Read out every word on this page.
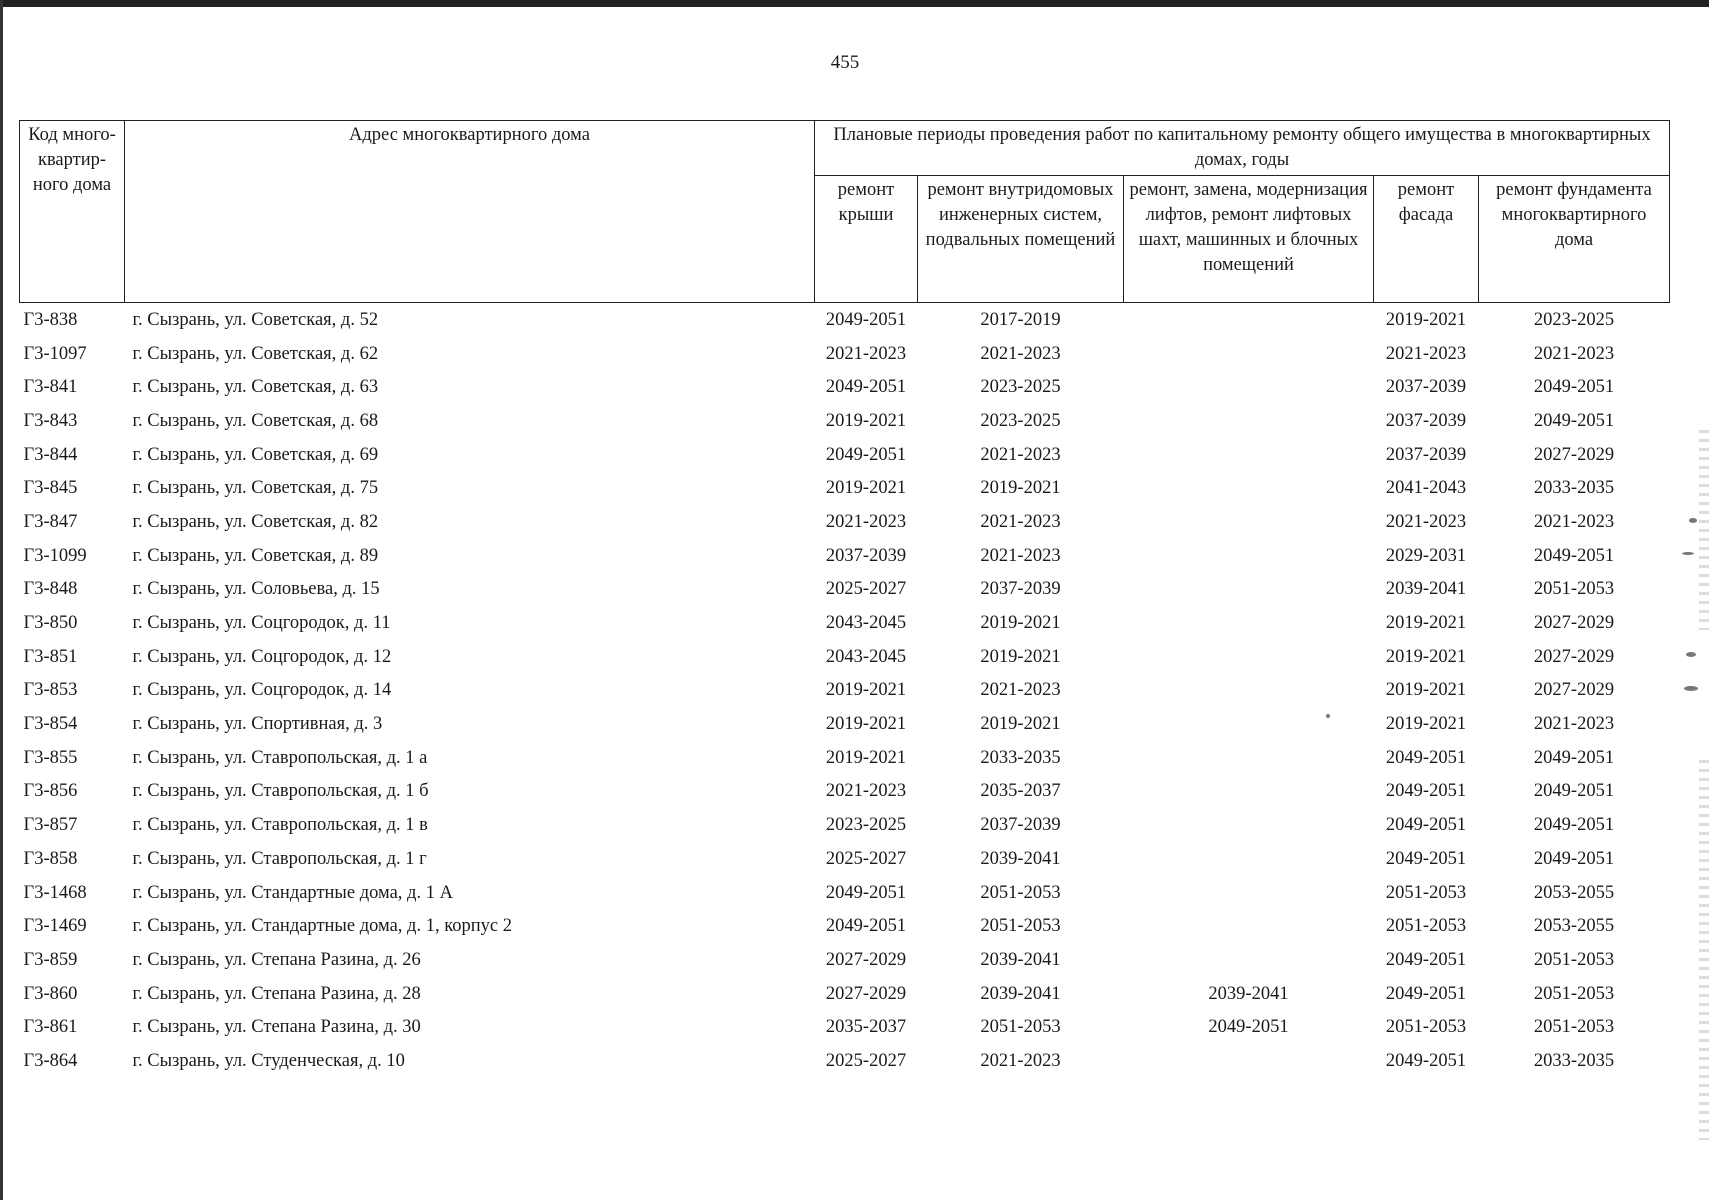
455
Код много-квартир-ного дома	Адрес многоквартирного дома	Плановые периоды проведения работ по капитальному ремонту общего имущества в многоквартирных домах, годы				
		ремонт крыши	ремонт внутридомовых инженерных систем, подвальных помещений	ремонт, замена, модернизация лифтов, ремонт лифтовых шахт, машинных и блочных помещений	ремонт фасада	ремонт фундамента многоквартирного дома
Г3-838	г. Сызрань, ул. Советская, д. 52	2049-2051	2017-2019		2019-2021	2023-2025
Г3-1097	г. Сызрань, ул. Советская, д. 62	2021-2023	2021-2023		2021-2023	2021-2023
Г3-841	г. Сызрань, ул. Советская, д. 63	2049-2051	2023-2025		2037-2039	2049-2051
Г3-843	г. Сызрань, ул. Советская, д. 68	2019-2021	2023-2025		2037-2039	2049-2051
Г3-844	г. Сызрань, ул. Советская, д. 69	2049-2051	2021-2023		2037-2039	2027-2029
Г3-845	г. Сызрань, ул. Советская, д. 75	2019-2021	2019-2021		2041-2043	2033-2035
Г3-847	г. Сызрань, ул. Советская, д. 82	2021-2023	2021-2023		2021-2023	2021-2023
Г3-1099	г. Сызрань, ул. Советская, д. 89	2037-2039	2021-2023		2029-2031	2049-2051
Г3-848	г. Сызрань, ул. Соловьева, д. 15	2025-2027	2037-2039		2039-2041	2051-2053
Г3-850	г. Сызрань, ул. Соцгородок, д. 11	2043-2045	2019-2021		2019-2021	2027-2029
Г3-851	г. Сызрань, ул. Соцгородок, д. 12	2043-2045	2019-2021		2019-2021	2027-2029
Г3-853	г. Сызрань, ул. Соцгородок, д. 14	2019-2021	2021-2023		2019-2021	2027-2029
Г3-854	г. Сызрань, ул. Спортивная, д. 3	2019-2021	2019-2021		2019-2021	2021-2023
Г3-855	г. Сызрань, ул. Ставропольская, д. 1 а	2019-2021	2033-2035		2049-2051	2049-2051
Г3-856	г. Сызрань, ул. Ставропольская, д. 1 б	2021-2023	2035-2037		2049-2051	2049-2051
Г3-857	г. Сызрань, ул. Ставропольская, д. 1 в	2023-2025	2037-2039		2049-2051	2049-2051
Г3-858	г. Сызрань, ул. Ставропольская, д. 1 г	2025-2027	2039-2041		2049-2051	2049-2051
Г3-1468	г. Сызрань, ул. Стандартные дома, д. 1 А	2049-2051	2051-2053		2051-2053	2053-2055
Г3-1469	г. Сызрань, ул. Стандартные дома, д. 1, корпус 2	2049-2051	2051-2053		2051-2053	2053-2055
Г3-859	г. Сызрань, ул. Степана Разина, д. 26	2027-2029	2039-2041		2049-2051	2051-2053
Г3-860	г. Сызрань, ул. Степана Разина, д. 28	2027-2029	2039-2041	2039-2041	2049-2051	2051-2053
Г3-861	г. Сызрань, ул. Степана Разина, д. 30	2035-2037	2051-2053	2049-2051	2051-2053	2051-2053
Г3-864	г. Сызрань, ул. Студенческая, д. 10	2025-2027	2021-2023		2049-2051	2033-2035
